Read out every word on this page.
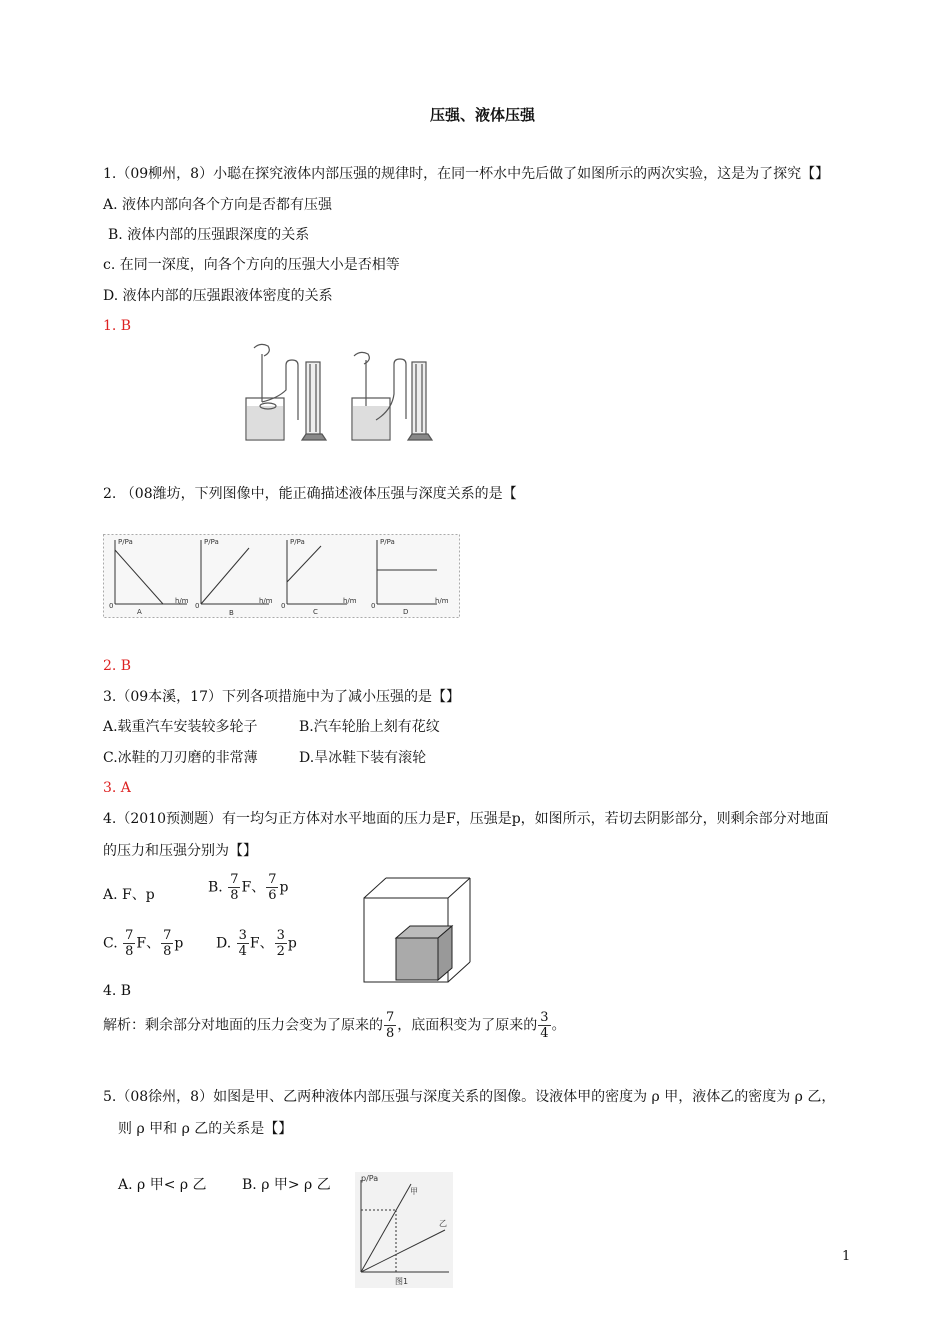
压强、液体压强
1.（09柳州，8）小聪在探究液体内部压强的规律时，在同一杯水中先后做了如图所示的两次实验，这是为了探究【】
A. 液体内部向各个方向是否都有压强
B. 液体内部的压强跟深度的关系
c. 在同一深度，向各个方向的压强大小是否相等
D. 液体内部的压强跟液体密度的关系
1. B
2. （08潍坊，下列图像中，能正确描述液体压强与深度关系的是【
P/Pa
h/m
0
A
P/Pa
h/m
0
B
P/Pa
h/m
0
C
P/Pa
h/m
0
D
2. B
3.（09本溪，17）下列各项措施中为了减小压强的是【】
A.载重汽车安装较多轮子	B.汽车轮胎上刻有花纹
C.冰鞋的刀刃磨的非常薄	D.旱冰鞋下装有滚轮
3. A
4.（2010预测题）有一均匀正方体对水平地面的压力是F，压强是p，如图所示，若切去阴影部分，则剩余部分对地面
的压力和压强分别为【】
A. F、p	B. $\frac{7}{8}$ F、 $\frac{7}{6}$ p
C. $\frac{7}{8}$ F、 $\frac{7}{8}$ p D. $\frac{3}{4}$ F、 $\frac{3}{2}$ p
4. B
解析：剩余部分对地面的压力会变为了原来的 $\frac{7}{8}$ ，底面积变为了原来的 $\frac{3}{4}$ 。
5.（08徐州，8）如图是甲、乙两种液体内部压强与深度关系的图像。设液体甲的密度为 ρ 甲，液体乙的密度为 ρ 乙，
则 ρ 甲和 ρ 乙的关系是【】
A. ρ 甲< ρ 乙	B. ρ 甲> ρ 乙	p/Pa
甲
乙
图1
1
